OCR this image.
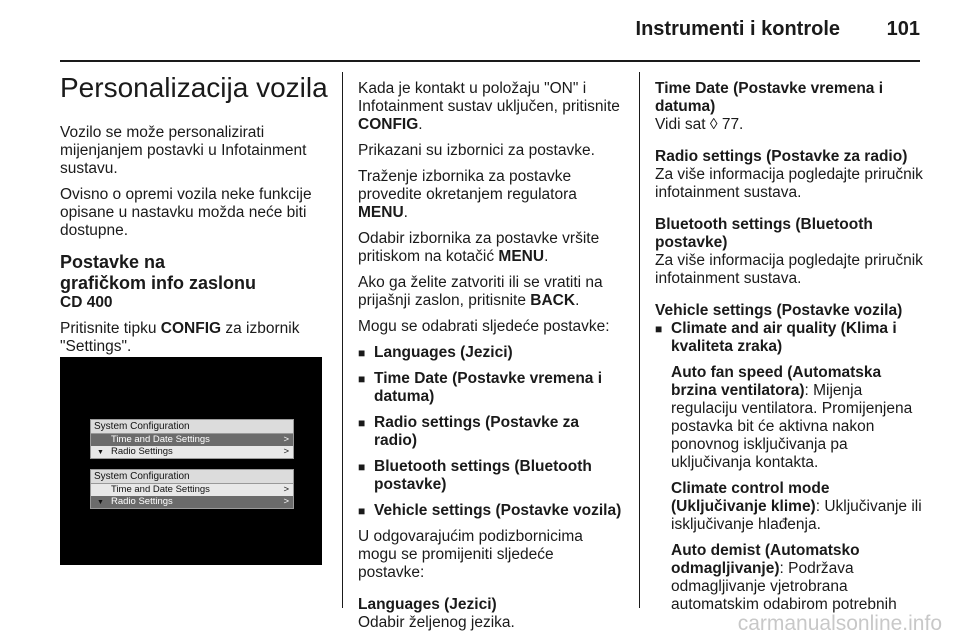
Instrumenti i kontrole 101
Personalizacija vozila

Vozilo se može personalizirati mijenjanjem postavki u Infotainment sustavu.

Ovisno o opremi vozila neke funkcije opisane u nastavku možda neće biti dostupne.

Postavke na
grafičkom info zaslonu
CD 400

Pritisnite tipku CONFIG za izbornik "Settings".

System Configuration
Time and Date Settings	>
▼ Radio Settings	>
System Configuration
Time and Date Settings	>
▼ Radio Settings	>

Kada je kontakt u položaju "ON" i Infotainment sustav uključen, pritisnite CONFIG.

Prikazani su izbornici za postavke.

Traženje izbornika za postavke provedite okretanjem regulatora MENU.

Odabir izbornika za postavke vršite pritiskom na kotačić MENU.

Ako ga želite zatvoriti ili se vratiti na prijašnji zaslon, pritisnite BACK.

Mogu se odabrati sljedeće postavke:

■ Languages (Jezici)
■ Time Date (Postavke vremena i datuma)
■ Radio settings (Postavke za radio)
■ Bluetooth settings (Bluetooth postavke)
■ Vehicle settings (Postavke vozila)

U odgovarajućim podizbornicima mogu se promijeniti sljedeće postavke:

Languages (Jezici)
Odabir željenog jezika.
Time Date (Postavke vremena i datuma)
Vidi sat ◊ 77.
Radio settings (Postavke za radio)
Za više informacija pogledajte priručnik infotainment sustava.
Bluetooth settings (Bluetooth postavke)
Za više informacija pogledajte priručnik infotainment sustava.
Vehicle settings (Postavke vozila)
■ Climate and air quality (Klima i kvaliteta zraka)

Auto fan speed (Automatska brzina ventilatora): Mijenja regulaciju ventilatora. Promijenjena postavka bit će aktivna nakon ponovnog isključivanja pa uključivanja kontakta.

Climate control mode (Uključivanje klime): Uključivanje ili isključivanje hlađenja.

Auto demist (Automatsko odmagljivanje): Podržava odmagljivanje vjetrobrana automatskim odabirom potrebnih

carmanualsonline.info
